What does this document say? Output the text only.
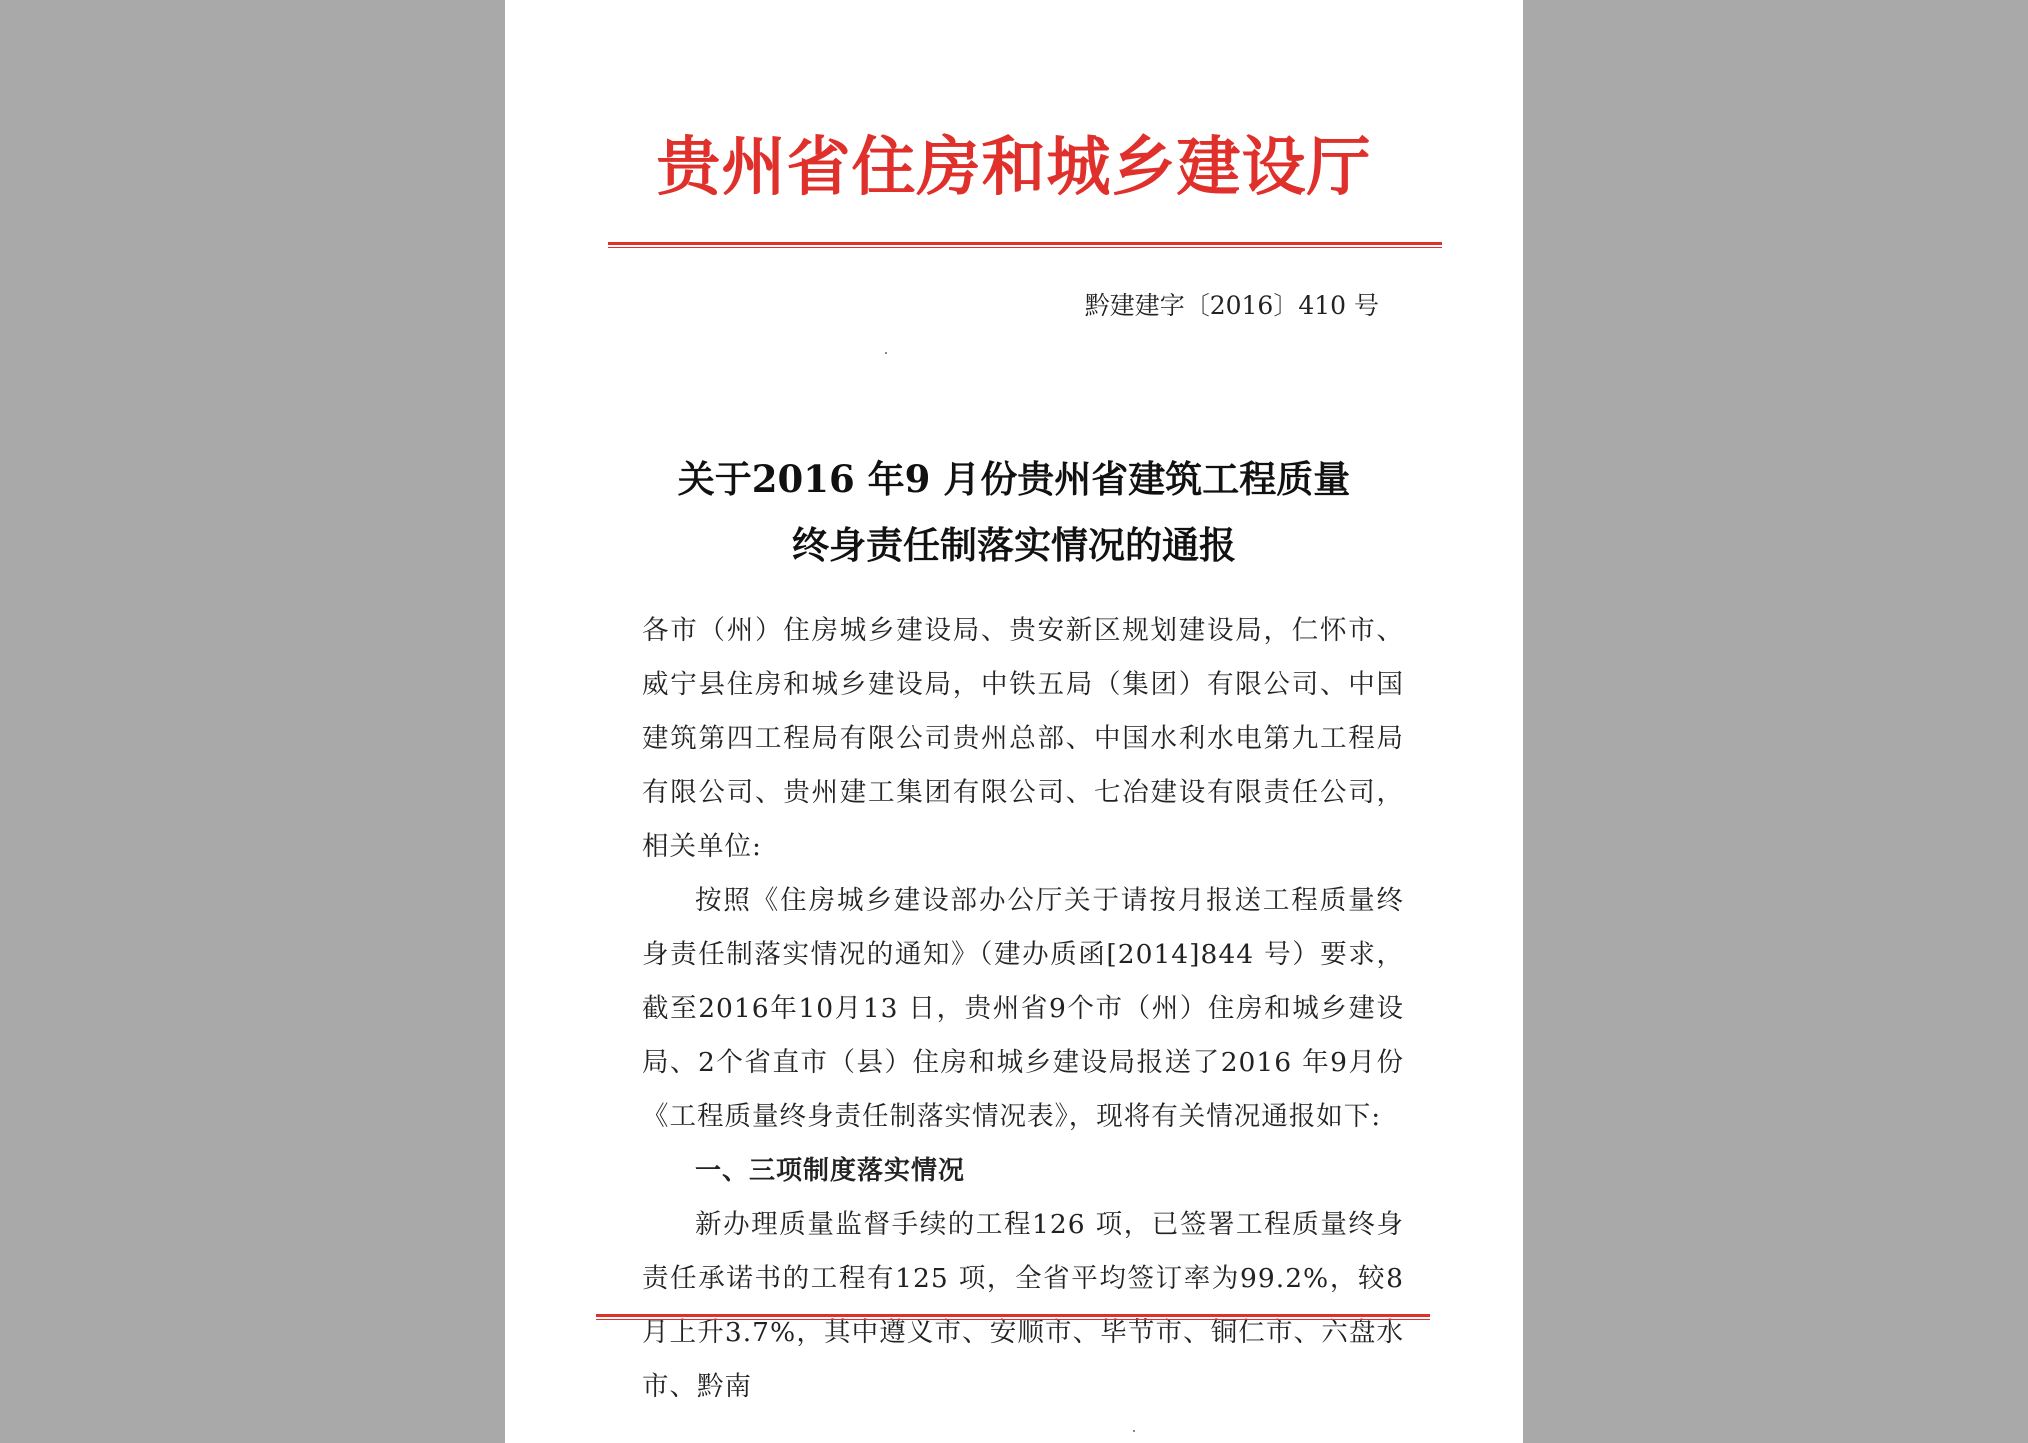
贵州省住房和城乡建设厅
黔建建字〔2016〕410 号
关于2016 年9 月份贵州省建筑工程质量
终身责任制落实情况的通报

各市（州）住房城乡建设局、贵安新区规划建设局，仁怀市、威宁县住房和城乡建设局，中铁五局（集团）有限公司、中国建筑第四工程局有限公司贵州总部、中国水利水电第九工程局有限公司、贵州建工集团有限公司、七冶建设有限责任公司，相关单位:

按照《住房城乡建设部办公厅关于请按月报送工程质量终身责任制落实情况的通知》（建办质函[2014]844 号）要求，截至2016年10月13 日，贵州省9个市（州）住房和城乡建设局、2个省直市（县）住房和城乡建设局报送了2016 年9月份《工程质量终身责任制落实情况表》，现将有关情况通报如下:

一、三项制度落实情况

新办理质量监督手续的工程126 项，已签署工程质量终身责任承诺书的工程有125 项，全省平均签订率为99.2%，较8 月上升3.7%，其中遵义市、安顺市、毕节市、铜仁市、六盘水市、黔南
